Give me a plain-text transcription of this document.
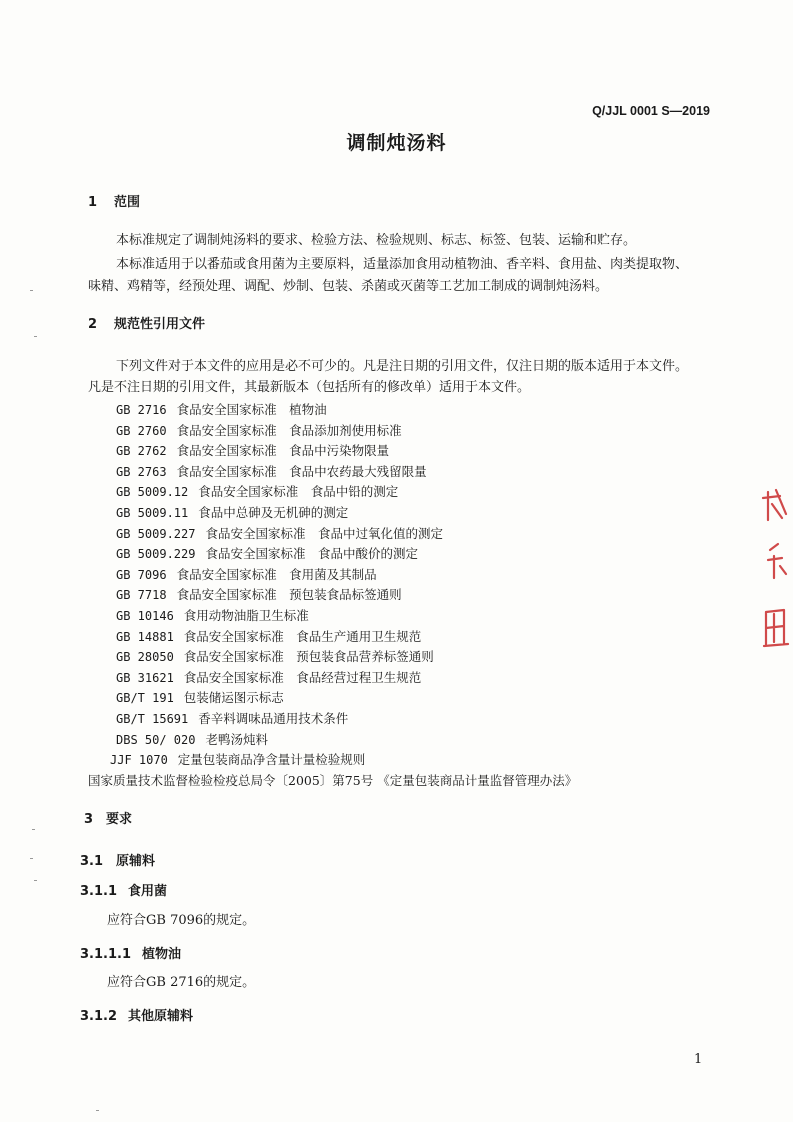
Q/JJL 0001 S—2019
调制炖汤料
1 范围
本标准规定了调制炖汤料的要求、检验方法、检验规则、标志、标签、包装、运输和贮存。
本标准适用于以番茄或食用菌为主要原料，适量添加食用动植物油、香辛料、食用盐、肉类提取物、
味精、鸡精等，经预处理、调配、炒制、包装、杀菌或灭菌等工艺加工制成的调制炖汤料。
2 规范性引用文件
下列文件对于本文件的应用是必不可少的。凡是注日期的引用文件，仅注日期的版本适用于本文件。
凡是不注日期的引用文件，其最新版本（包括所有的修改单）适用于本文件。
GB 2716 食品安全国家标准　植物油
GB 2760 食品安全国家标准　食品添加剂使用标准
GB 2762 食品安全国家标准　食品中污染物限量
GB 2763 食品安全国家标准　食品中农药最大残留限量
GB 5009.12 食品安全国家标准　食品中铅的测定
GB 5009.11 食品中总砷及无机砷的测定
GB 5009.227 食品安全国家标准　食品中过氧化值的测定
GB 5009.229 食品安全国家标准　食品中酸价的测定
GB 7096 食品安全国家标准　食用菌及其制品
GB 7718 食品安全国家标准　预包装食品标签通则
GB 10146 食用动物油脂卫生标准
GB 14881 食品安全国家标准　食品生产通用卫生规范
GB 28050 食品安全国家标准　预包装食品营养标签通则
GB 31621 食品安全国家标准　食品经营过程卫生规范
GB/T 191 包装储运图示标志
GB/T 15691 香辛料调味品通用技术条件
DBS 50/ 020 老鸭汤炖料
JJF 1070 定量包装商品净含量计量检验规则
国家质量技术监督检验检疫总局令〔2005〕第75号 《定量包装商品计量监督管理办法》
3 要求
3.1 原辅料
3.1.1 食用菌
应符合GB 7096的规定。
3.1.1.1 植物油
应符合GB 2716的规定。
3.1.2 其他原辅料
1
